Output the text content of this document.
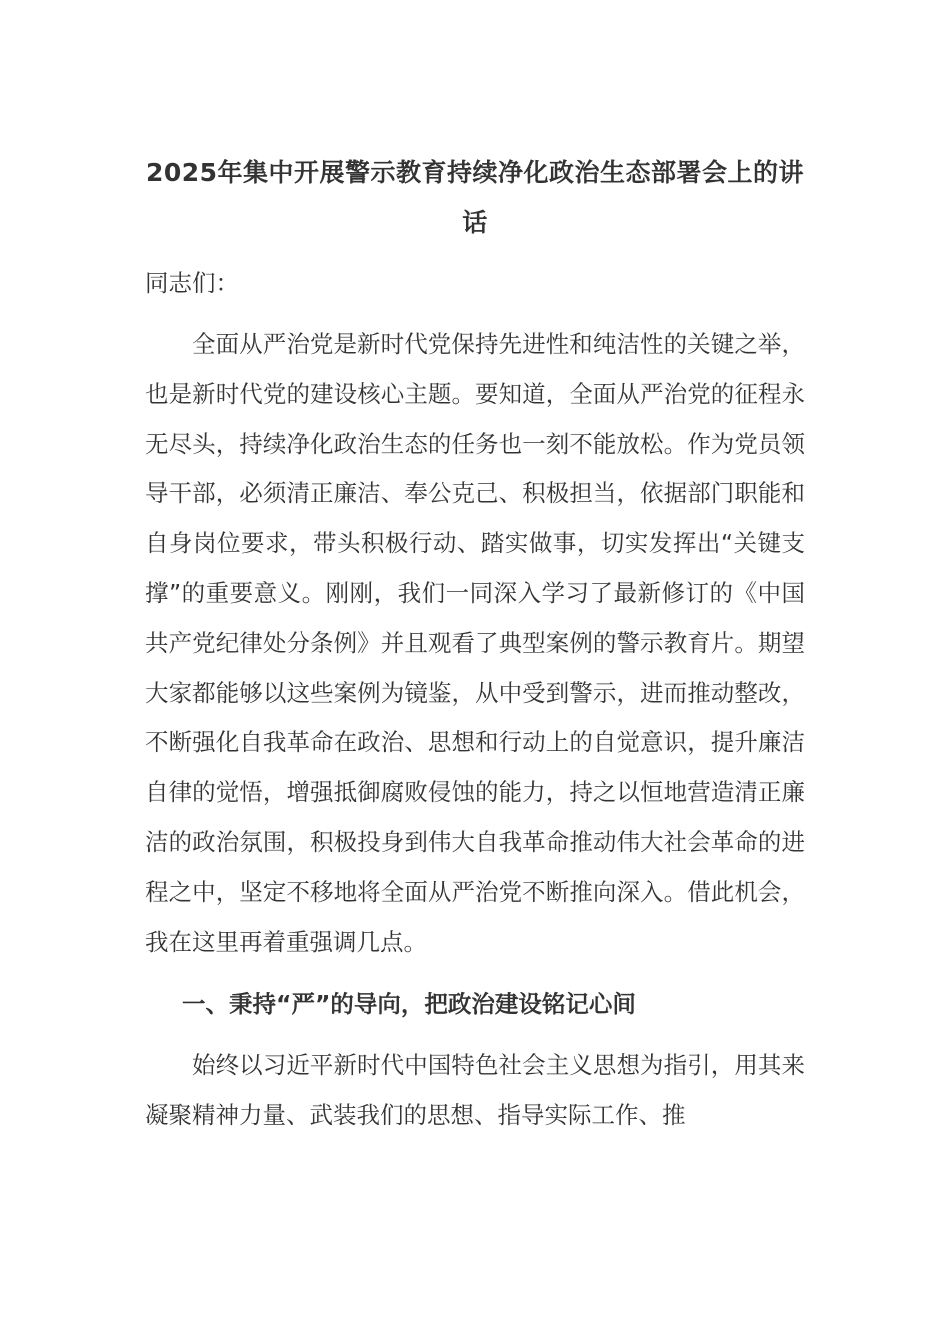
2025年集中开展警示教育持续净化政治生态部署会上的讲话

同志们：

全面从严治党是新时代党保持先进性和纯洁性的关键之举，也是新时代党的建设核心主题。要知道，全面从严治党的征程永无尽头，持续净化政治生态的任务也一刻不能放松。作为党员领导干部，必须清正廉洁、奉公克己、积极担当，依据部门职能和自身岗位要求，带头积极行动、踏实做事，切实发挥出“关键支撑”的重要意义。刚刚，我们一同深入学习了最新修订的《中国共产党纪律处分条例》并且观看了典型案例的警示教育片。期望大家都能够以这些案例为镜鉴，从中受到警示，进而推动整改，不断强化自我革命在政治、思想和行动上的自觉意识，提升廉洁自律的觉悟，增强抵御腐败侵蚀的能力，持之以恒地营造清正廉洁的政治氛围，积极投身到伟大自我革命推动伟大社会革命的进程之中，坚定不移地将全面从严治党不断推向深入。借此机会，我在这里再着重强调几点。

一、秉持“严”的导向，把政治建设铭记心间

始终以习近平新时代中国特色社会主义思想为指引，用其来凝聚精神力量、武装我们的思想、指导实际工作、推
